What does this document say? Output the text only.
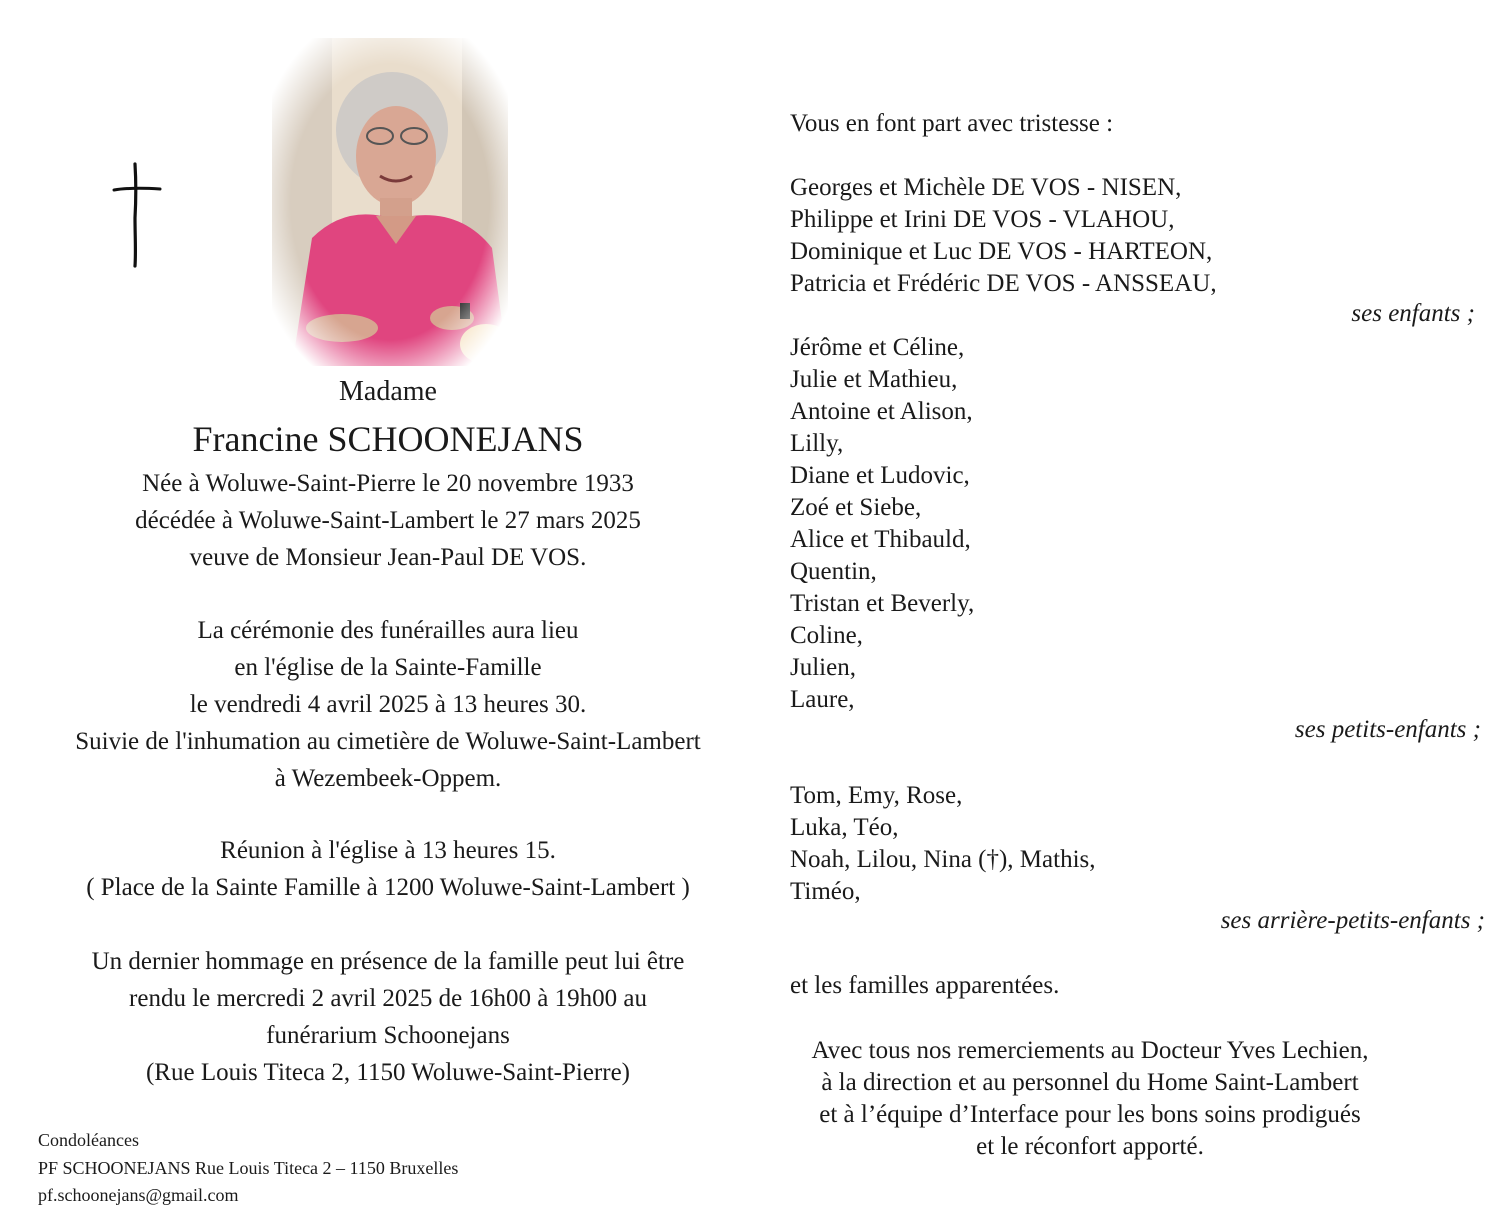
Madame
Francine SCHOONEJANS
Née à Woluwe-Saint-Pierre le 20 novembre 1933
décédée à Woluwe-Saint-Lambert le 27 mars 2025
veuve de Monsieur Jean-Paul DE VOS.
La cérémonie des funérailles aura lieu
en l'église de la Sainte-Famille
le vendredi 4 avril 2025 à 13 heures 30.
Suivie de l'inhumation au cimetière de Woluwe-Saint-Lambert
à Wezembeek-Oppem.
Réunion à l'église à 13 heures 15.
( Place de la Sainte Famille à 1200 Woluwe-Saint-Lambert )
Un dernier hommage en présence de la famille peut lui être
rendu le mercredi 2 avril 2025 de 16h00 à 19h00 au
funérarium Schoonejans
(Rue Louis Titeca 2, 1150 Woluwe-Saint-Pierre)
Condoléances
PF SCHOONEJANS Rue Louis Titeca 2 – 1150 Bruxelles
pf.schoonejans@gmail.com
Vous en font part avec tristesse :
Georges et Michèle DE VOS - NISEN,
Philippe et Irini DE VOS - VLAHOU,
Dominique et Luc DE VOS - HARTEON,
Patricia et Frédéric DE VOS - ANSSEAU,
ses enfants ;
Jérôme et Céline,
Julie et Mathieu,
Antoine et Alison,
Lilly,
Diane et Ludovic,
Zoé et Siebe,
Alice et Thibauld,
Quentin,
Tristan et Beverly,
Coline,
Julien,
Laure,
ses petits-enfants ;
Tom, Emy, Rose,
Luka, Téo,
Noah, Lilou, Nina (†), Mathis,
Timéo,
ses arrière-petits-enfants ;
et les familles apparentées.
Avec tous nos remerciements au Docteur Yves Lechien,
à la direction et au personnel du Home Saint-Lambert
et à l’équipe d’Interface pour les bons soins prodigués
et le réconfort apporté.
